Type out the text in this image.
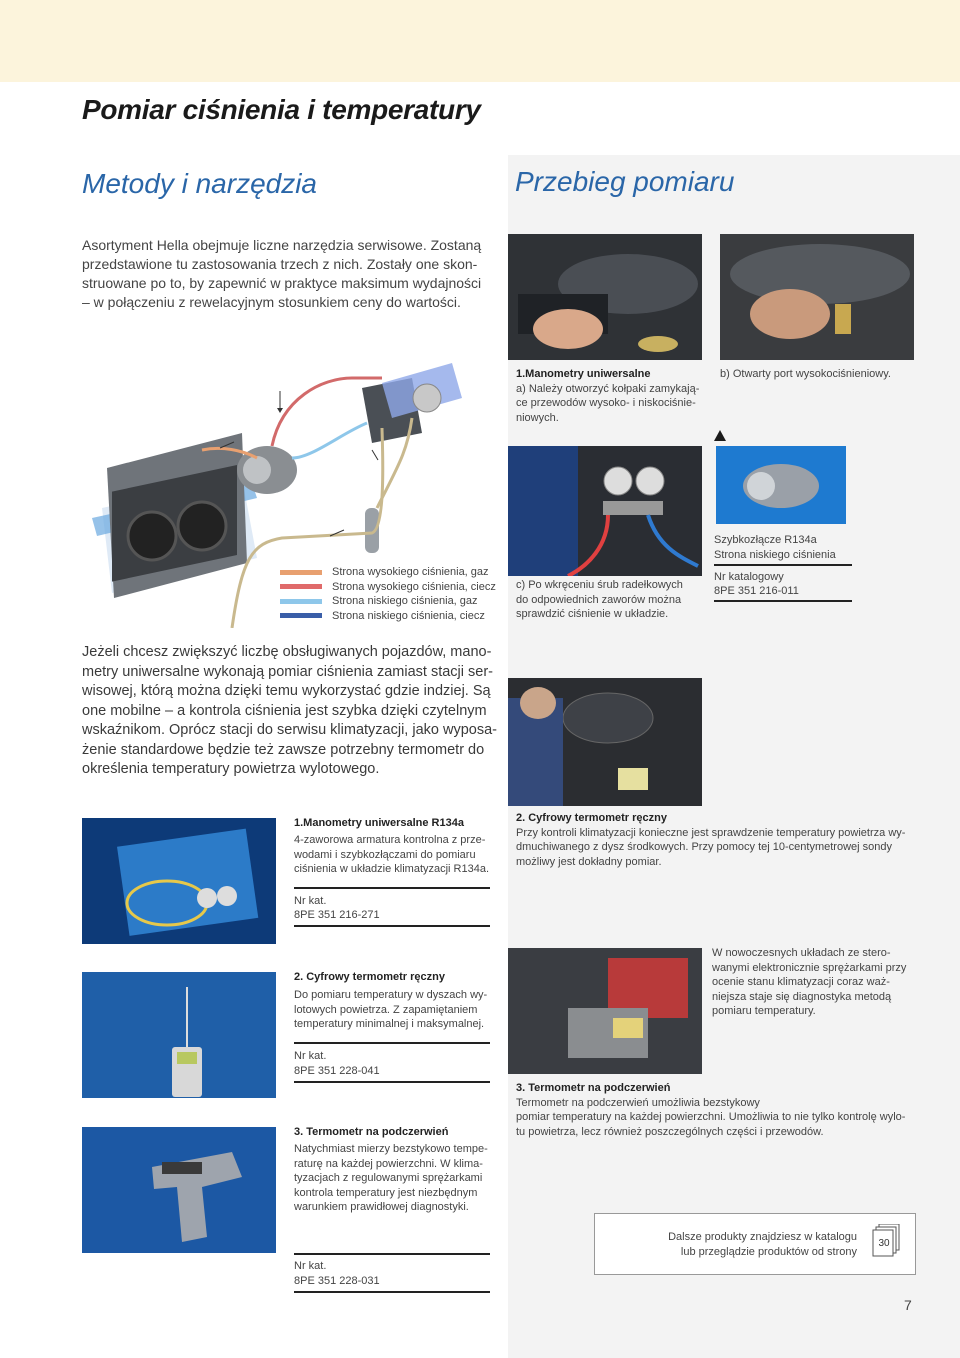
Pomiar ciśnienia i temperatury
Metody i narzędzia	Przebieg pomiaru
Asortyment Hella obejmuje liczne narzędzia serwisowe. Zostaną
przedstawione tu zastosowania trzech z nich. Zostały one skon-
struowane po to, by zapewnić w praktyce maksimum wydajności
– w połączeniu z rewelacyjnym stosunkiem ceny do wartości.
Strona wysokiego ciśnienia, gaz
Strona wysokiego ciśnienia, ciecz
Strona niskiego ciśnienia, gaz
Strona niskiego ciśnienia, ciecz
Jeżeli chcesz zwiększyć liczbę obsługiwanych pojazdów, mano-
metry uniwersalne wykonają pomiar ciśnienia zamiast stacji ser-
wisowej, którą można dzięki temu wykorzystać gdzie indziej. Są
one mobilne – a kontrola ciśnienia jest szybka dzięki czytelnym
wskaźnikom. Oprócz stacji do serwisu klimatyzacji, jako wyposa-
żenie standardowe będzie też zawsze potrzebny termometr do
określenia temperatury powietrza wylotowego.
1.Manometry uniwersalne
a) Należy otworzyć kołpaki zamykają-
ce przewodów wysoko- i niskociśnie-
niowych.
b) Otwarty port wysokociśnieniowy.
Szybkozłącze R134a
Strona niskiego ciśnienia
Nr katalogowy
8PE 351 216-011
c) Po wkręceniu śrub radełkowych
do odpowiednich zaworów można
sprawdzić ciśnienie w układzie.
2. Cyfrowy termometr ręczny
Przy kontroli klimatyzacji konieczne jest sprawdzenie temperatury powietrza wy-
dmuchiwanego z dysz środkowych. Przy pomocy tej 10-centymetrowej sondy
możliwy jest dokładny pomiar.
1.Manometry uniwersalne R134a
4-zaworowa armatura kontrolna z prze-
wodami i szybkozłączami do pomiaru
ciśnienia w układzie klimatyzacji R134a.
Nr kat.
8PE 351 216-271
W nowoczesnych układach ze stero-
wanymi elektronicznie sprężarkami przy
ocenie stanu klimatyzacji coraz waż-
niejsza staje się diagnostyka metodą
pomiaru temperatury.
2. Cyfrowy termometr ręczny
Do pomiaru temperatury w dyszach wy-
lotowych powietrza. Z zapamiętaniem
temperatury minimalnej i maksymalnej.
Nr kat.
8PE 351 228-041
3. Termometr na podczerwień
Termometr na podczerwień umożliwia bezstykowy
pomiar temperatury na każdej powierzchni. Umożliwia to nie tylko kontrolę wylo-
tu powietrza, lecz również poszczególnych części i przewodów.
3. Termometr na podczerwień
Natychmiast mierzy bezstykowo tempe-
raturę na każdej powierzchni. W klima-
tyzacjach z regulowanymi sprężarkami
kontrola temperatury jest niezbędnym
warunkiem prawidłowej diagnostyki.
Nr kat.
8PE 351 228-031
Dalsze produkty znajdziesz w katalogu
lub przeglądzie produktów od strony
30
7
